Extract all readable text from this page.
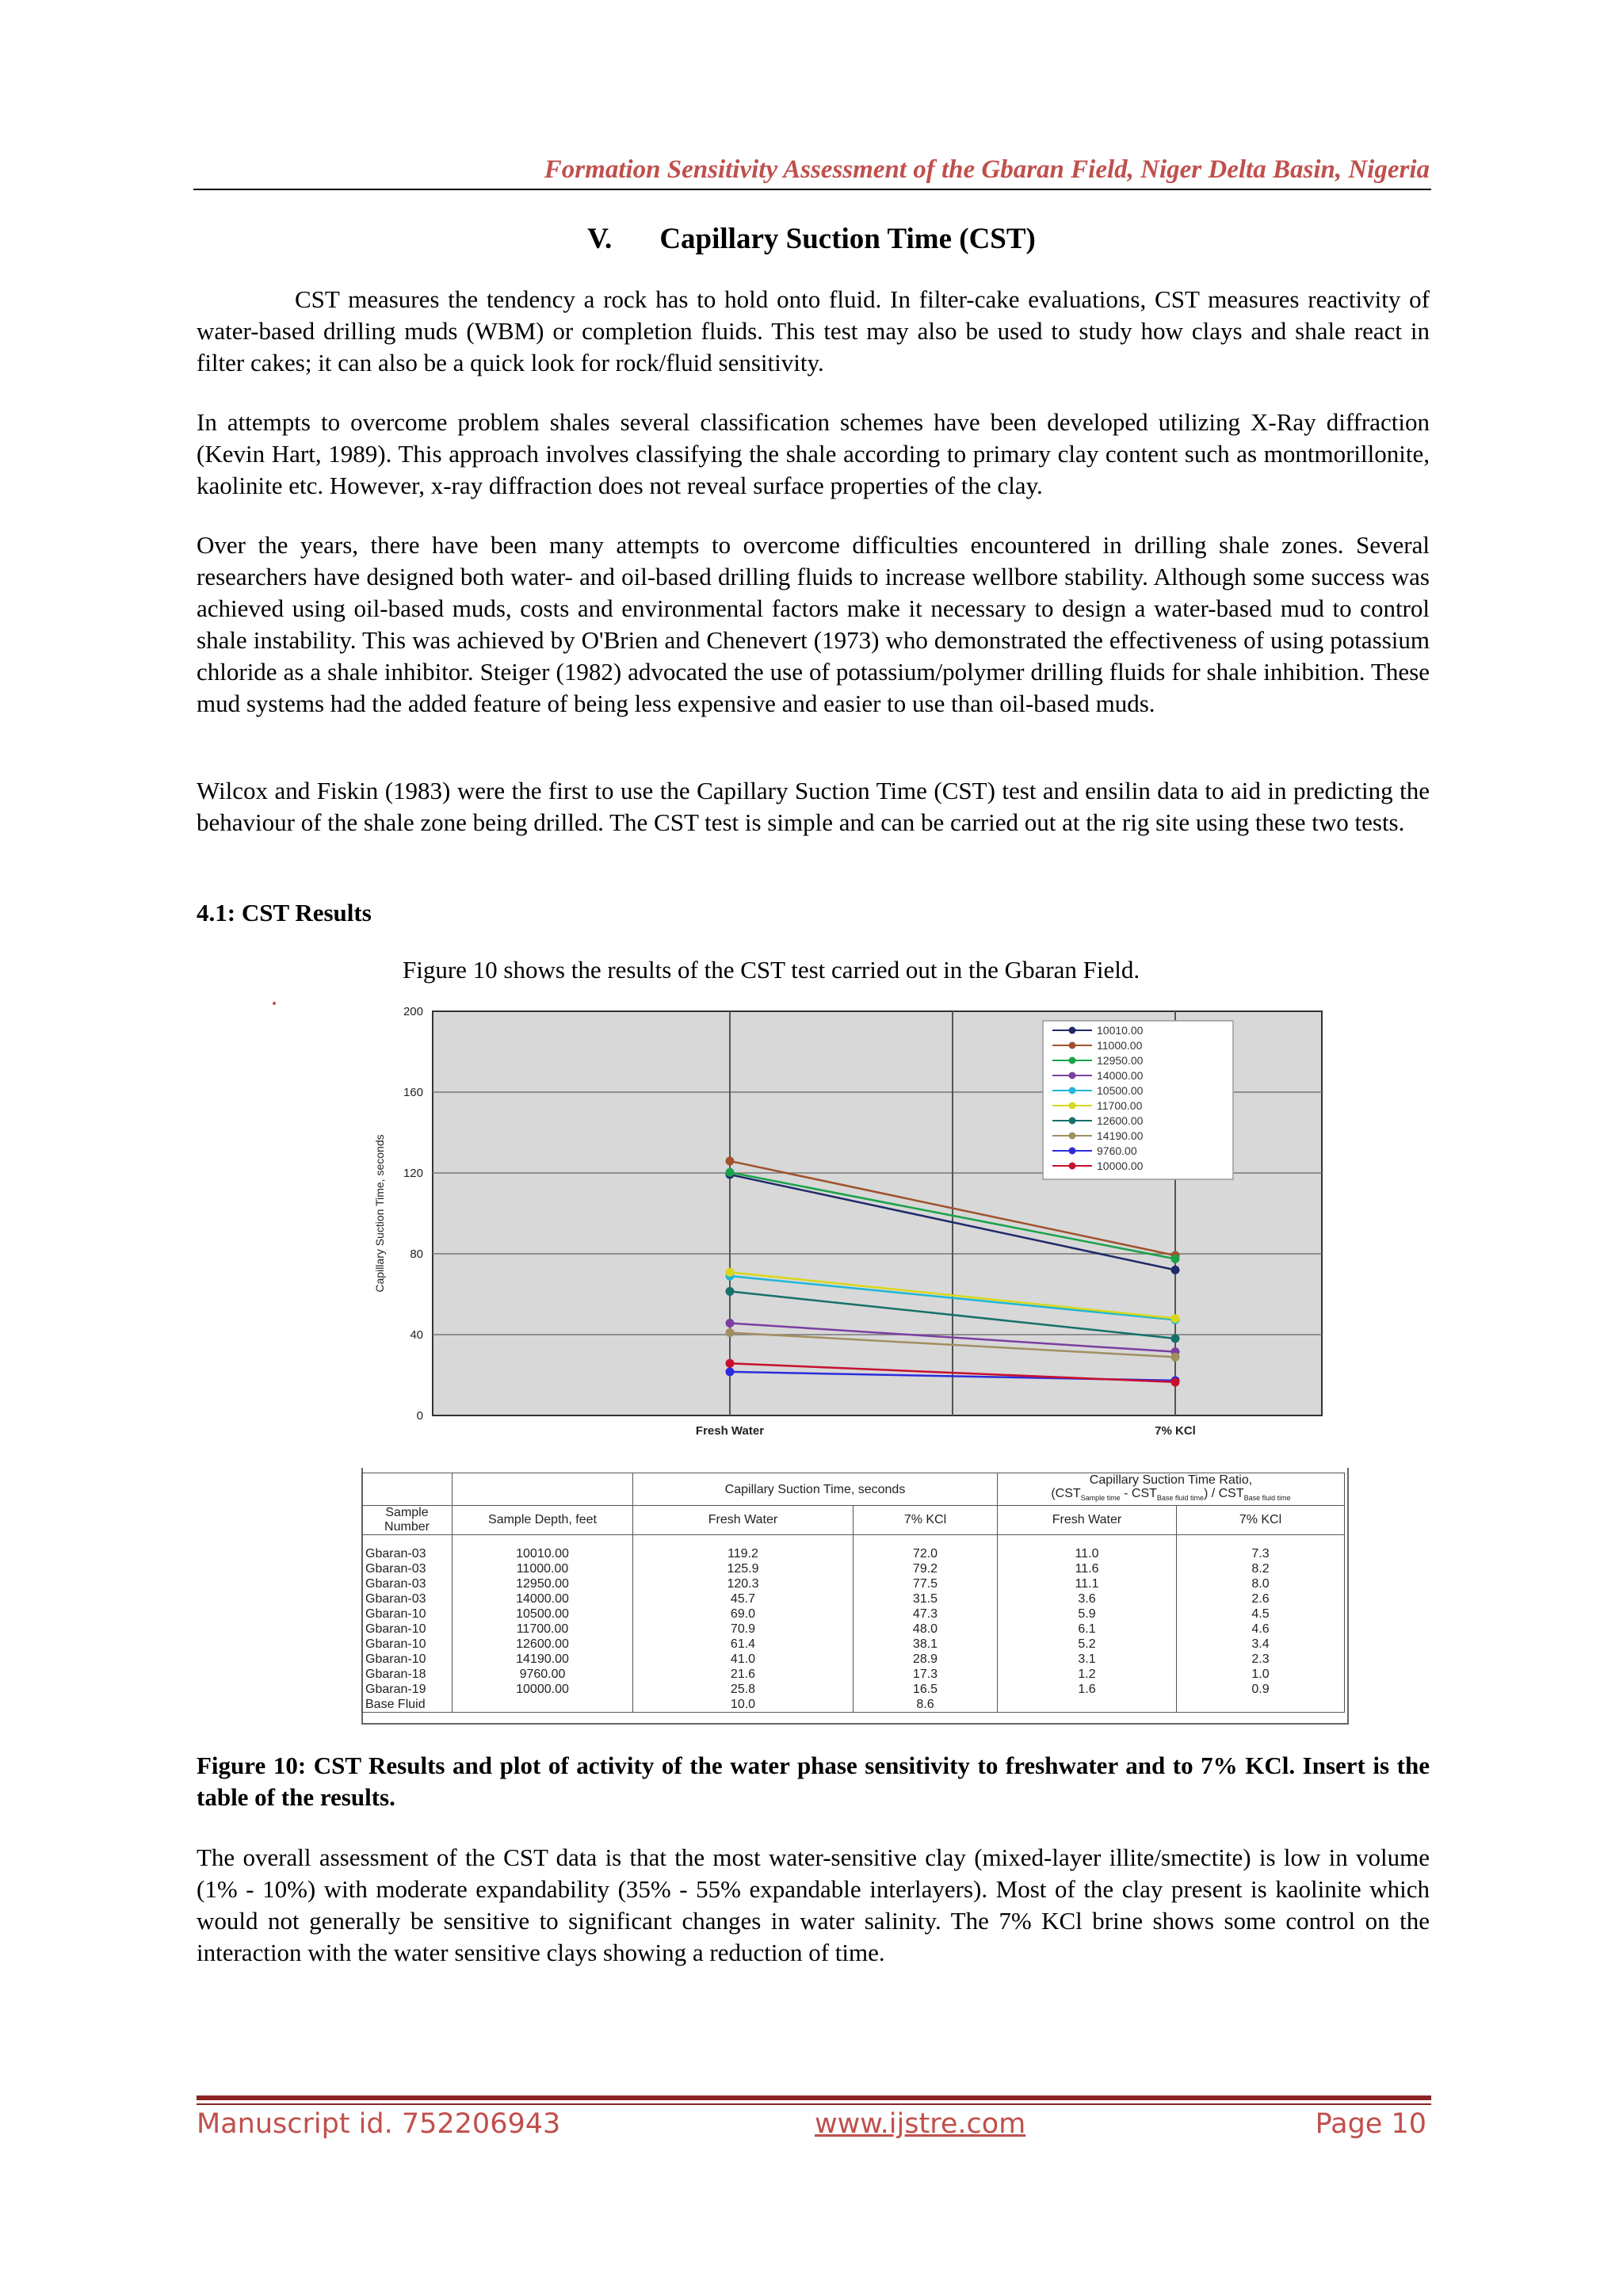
Formation Sensitivity Assessment of the Gbaran Field, Niger Delta Basin, Nigeria
V. Capillary Suction Time (CST)

CST measures the tendency a rock has to hold onto fluid. In filter-cake evaluations, CST measures reactivity of water-based drilling muds (WBM) or completion fluids. This test may also be used to study how clays and shale react in filter cakes; it can also be a quick look for rock/fluid sensitivity.

In attempts to overcome problem shales several classification schemes have been developed utilizing X-Ray diffraction (Kevin Hart, 1989). This approach involves classifying the shale according to primary clay content such as montmorillonite, kaolinite etc. However, x-ray diffraction does not reveal surface properties of the clay.

Over the years, there have been many attempts to overcome difficulties encountered in drilling shale zones. Several researchers have designed both water- and oil-based drilling fluids to increase wellbore stability. Although some success was achieved using oil-based muds, costs and environmental factors make it necessary to design a water-based mud to control shale instability. This was achieved by O'Brien and Chenevert (1973) who demonstrated the effectiveness of using potassium chloride as a shale inhibitor. Steiger (1982) advocated the use of potassium/polymer drilling fluids for shale inhibition. These mud systems had the added feature of being less expensive and easier to use than oil-based muds.

Wilcox and Fiskin (1983) were the first to use the Capillary Suction Time (CST) test and ensilin data to aid in predicting the behaviour of the shale zone being drilled. The CST test is simple and can be carried out at the rig site using these two tests.

4.1: CST Results
Figure 10 shows the results of the CST test carried out in the Gbaran Field.
0
40
80
120
160
200
Fresh Water	7% KCl
Capillary Suction Time, seconds
10010.00
11000.00
12950.00
14000.00
10500.00
11700.00
12600.00
14190.00
9760.00
10000.00
		Capillary Suction Time, seconds		Capillary Suction Time Ratio,
$(CST_{Sample time} - CST_{Base fluid time}) / CST_{Base fluid time}$

Sample Number	Sample Depth, feet	Fresh Water	7% KCl	Fresh Water	7% KCl
Gbaran-03	10010.00	119.2	72.0	11.0	7.3
Gbaran-03	11000.00	125.9	79.2	11.6	8.2
Gbaran-03	12950.00	120.3	77.5	11.1	8.0
Gbaran-03	14000.00	45.7	31.5	3.6	2.6
Gbaran-10	10500.00	69.0	47.3	5.9	4.5
Gbaran-10	11700.00	70.9	48.0	6.1	4.6
Gbaran-10	12600.00	61.4	38.1	5.2	3.4
Gbaran-10	14190.00	41.0	28.9	3.1	2.3
Gbaran-18	9760.00	21.6	17.3	1.2	1.0
Gbaran-19	10000.00	25.8	16.5	1.6	0.9
Base Fluid		10.0	8.6		
Figure 10: CST Results and plot of activity of the water phase sensitivity to freshwater and to 7% KCl. Insert is the table of the results.

The overall assessment of the CST data is that the most water-sensitive clay (mixed-layer illite/smectite) is low in volume (1% - 10%) with moderate expandability (35% - 55% expandable interlayers). Most of the clay present is kaolinite which would not generally be sensitive to significant changes in water salinity. The 7% KCl brine shows some control on the interaction with the water sensitive clays showing a reduction of time.

Manuscript id. 752206943	www.ijstre.com	Page 10
